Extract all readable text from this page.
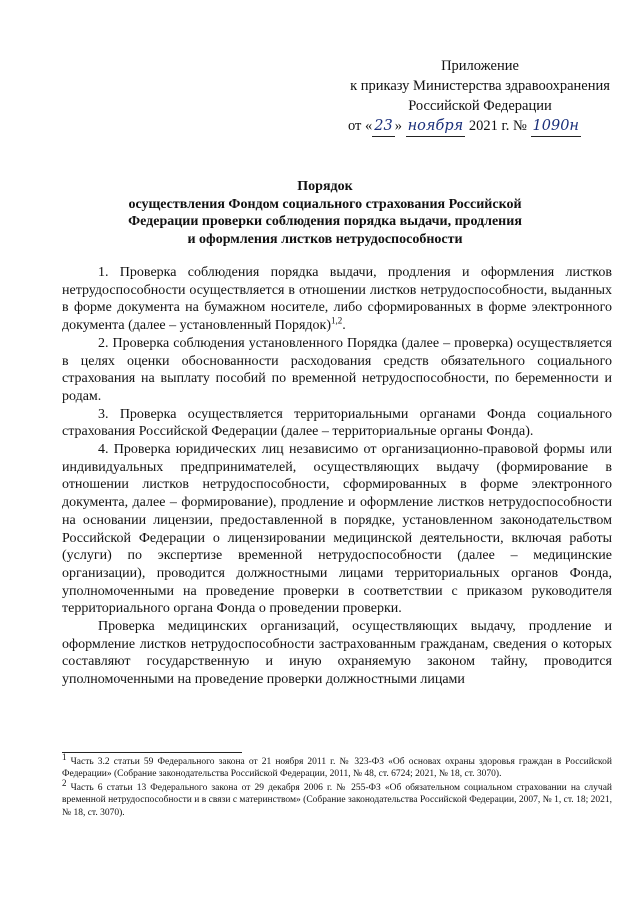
Приложение
к приказу Министерства здравоохранения
Российской Федерации
от « 23 » ноября 2021 г. № 1090н
Порядок
осуществления Фондом социального страхования Российской
Федерации проверки соблюдения порядка выдачи, продления
и оформления листков нетрудоспособности

1. Проверка соблюдения порядка выдачи, продления и оформления листков нетрудоспособности осуществляется в отношении листков нетрудоспособности, выданных в форме документа на бумажном носителе, либо сформированных в форме электронного документа (далее – установленный Порядок)$^{1,2}$.

2. Проверка соблюдения установленного Порядка (далее – проверка) осуществляется в целях оценки обоснованности расходования средств обязательного социального страхования на выплату пособий по временной нетрудоспособности, по беременности и родам.

3. Проверка осуществляется территориальными органами Фонда социального страхования Российской Федерации (далее – территориальные органы Фонда).

4. Проверка юридических лиц независимо от организационно-правовой формы или индивидуальных предпринимателей, осуществляющих выдачу (формирование в отношении листков нетрудоспособности, сформированных в форме электронного документа, далее – формирование), продление и оформление листков нетрудоспособности на основании лицензии, предоставленной в порядке, установленном законодательством Российской Федерации о лицензировании медицинской деятельности, включая работы (услуги) по экспертизе временной нетрудоспособности (далее – медицинские организации), проводится должностными лицами территориальных органов Фонда, уполномоченными на проведение проверки в соответствии с приказом руководителя территориального органа Фонда о проведении проверки.

Проверка медицинских организаций, осуществляющих выдачу, продление и оформление листков нетрудоспособности застрахованным гражданам, сведения о которых составляют государственную и иную охраняемую законом тайну, проводится уполномоченными на проведение проверки должностными лицами

$^1$ Часть 3.2 статьи 59 Федерального закона от 21 ноября 2011 г. № 323-ФЗ «Об основах охраны здоровья граждан в Российской Федерации» (Собрание законодательства Российской Федерации, 2011, № 48, ст. 6724; 2021, № 18, ст. 3070).

$^2$ Часть 6 статьи 13 Федерального закона от 29 декабря 2006 г. № 255-ФЗ «Об обязательном социальном страховании на случай временной нетрудоспособности и в связи с материнством» (Собрание законодательства Российской Федерации, 2007, № 1, ст. 18; 2021, № 18, ст. 3070).
